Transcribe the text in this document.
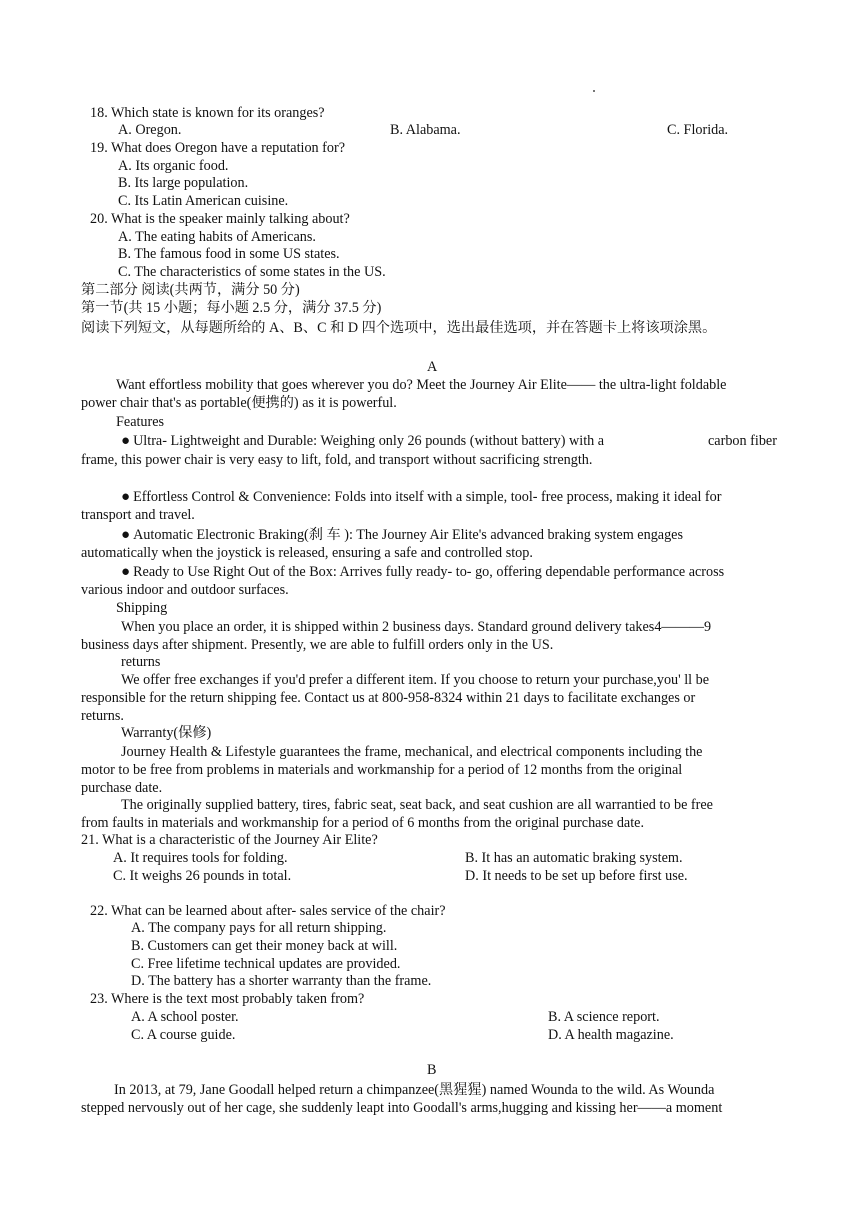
18. Which state is known for its oranges?
A. Oregon.	B. Alabama.	C. Florida.
19. What does Oregon have a reputation for?
A. Its organic food.
B. Its large population.
C. Its Latin American cuisine.
20. What is the speaker mainly talking about?
A. The eating habits of Americans.
B. The famous food in some US states.
C. The characteristics of some states in the US.
第二部分 阅读(共两节，满分 50 分)
第一节(共 15 小题；每小题 2.5 分，满分 37.5 分)
阅读下列短文，从每题所给的 A、B、C 和 D 四个选项中，选出最佳选项，并在答题卡上将该项涂黑。
A
Want effortless mobility that goes wherever you do? Meet the Journey Air Elite—— the ultra-light foldable
power chair that's as portable(便携的) as it is powerful.
Features
● Ultra- Lightweight and Durable: Weighing only 26 pounds (without battery) with a	carbon fiber
frame, this power chair is very easy to lift, fold, and transport without sacrificing strength.
● Effortless Control & Convenience: Folds into itself with a simple, tool- free process, making it ideal for
transport and travel.
● Automatic Electronic Braking(刹 车 ): The Journey Air Elite's advanced braking system engages
automatically when the joystick is released, ensuring a safe and controlled stop.
● Ready to Use Right Out of the Box: Arrives fully ready- to- go, offering dependable performance across
various indoor and outdoor surfaces.
Shipping
When you place an order, it is shipped within 2 business days. Standard ground delivery takes4———9
business days after shipment. Presently, we are able to fulfill orders only in the US.
returns
We offer free exchanges if you'd prefer a different item. If you choose to return your purchase,you' ll be
responsible for the return shipping fee. Contact us at 800-958-8324 within 21 days to facilitate exchanges or
returns.
Warranty(保修)
Journey Health & Lifestyle guarantees the frame, mechanical, and electrical components including the
motor to be free from problems in materials and workmanship for a period of 12 months from the original
purchase date.
The originally supplied battery, tires, fabric seat, seat back, and seat cushion are all warrantied to be free
from faults in materials and workmanship for a period of 6 months from the original purchase date.
21. What is a characteristic of the Journey Air Elite?
A. It requires tools for folding.	B. It has an automatic braking system.
C. It weighs 26 pounds in total.	D. It needs to be set up before first use.
22. What can be learned about after- sales service of the chair?
A. The company pays for all return shipping.
B. Customers can get their money back at will.
C. Free lifetime technical updates are provided.
D. The battery has a shorter warranty than the frame.
23. Where is the text most probably taken from?
A. A school poster.	B. A science report.
C. A course guide.	D. A health magazine.
B
In 2013, at 79, Jane Goodall helped return a chimpanzee(黑猩猩) named Wounda to the wild. As Wounda
stepped nervously out of her cage, she suddenly leapt into Goodall's arms,hugging and kissing her——a moment
